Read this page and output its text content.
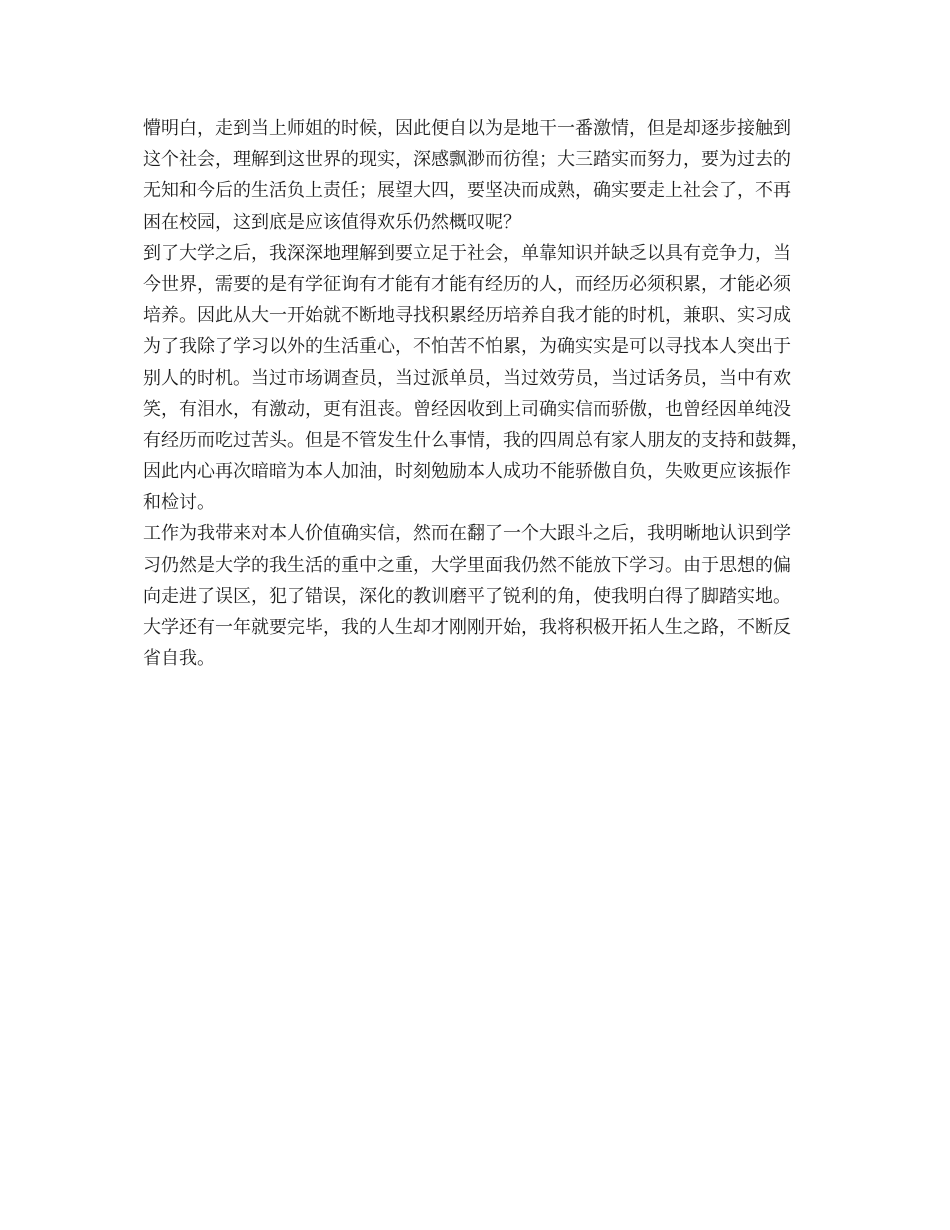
懵明白，走到当上师姐的时候，因此便自以为是地干一番激情，但是却逐步接触到
这个社会，理解到这世界的现实，深感飘渺而彷徨；大三踏实而努力，要为过去的
无知和今后的生活负上责任；展望大四，要坚决而成熟，确实要走上社会了，不再
困在校园，这到底是应该值得欢乐仍然概叹呢？
到了大学之后，我深深地理解到要立足于社会，单靠知识并缺乏以具有竞争力，当
今世界，需要的是有学征询有才能有才能有经历的人，而经历必须积累，才能必须
培养。因此从大一开始就不断地寻找积累经历培养自我才能的时机，兼职、实习成
为了我除了学习以外的生活重心，不怕苦不怕累，为确实实是可以寻找本人突出于
别人的时机。当过市场调查员，当过派单员，当过效劳员，当过话务员，当中有欢
笑，有泪水，有激动，更有沮丧。曾经因收到上司确实信而骄傲，也曾经因单纯没
有经历而吃过苦头。但是不管发生什么事情，我的四周总有家人朋友的支持和鼓舞，
因此内心再次暗暗为本人加油，时刻勉励本人成功不能骄傲自负，失败更应该振作
和检讨。
工作为我带来对本人价值确实信，然而在翻了一个大跟斗之后，我明晰地认识到学
习仍然是大学的我生活的重中之重，大学里面我仍然不能放下学习。由于思想的偏
向走进了误区，犯了错误，深化的教训磨平了锐利的角，使我明白得了脚踏实地。
大学还有一年就要完毕，我的人生却才刚刚开始，我将积极开拓人生之路，不断反
省自我。
